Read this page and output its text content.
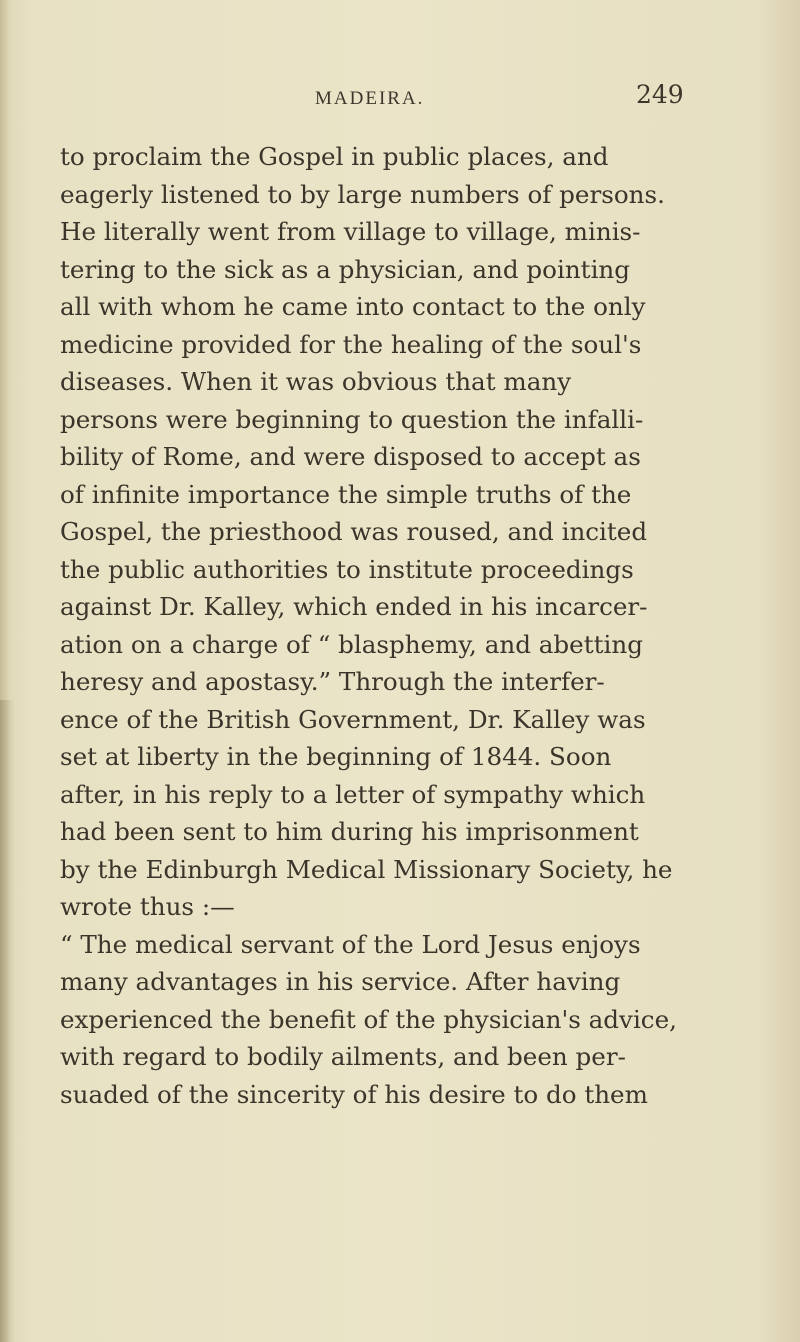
MADEIRA.	249
to proclaim the Gospel in public places, and
eagerly listened to by large numbers of persons.
He literally went from village to village, minis-
tering to the sick as a physician, and pointing
all with whom he came into contact to the only
medicine provided for the healing of the soul's
diseases. When it was obvious that many
persons were beginning to question the infalli-
bility of Rome, and were disposed to accept as
of infinite importance the simple truths of the
Gospel, the priesthood was roused, and incited
the public authorities to institute proceedings
against Dr. Kalley, which ended in his incarcer-
ation on a charge of “ blasphemy, and abetting
heresy and apostasy.” Through the interfer-
ence of the British Government, Dr. Kalley was
set at liberty in the beginning of 1844. Soon
after, in his reply to a letter of sympathy which
had been sent to him during his imprisonment
by the Edinburgh Medical Missionary Society, he
wrote thus :—
“ The medical servant of the Lord Jesus enjoys
many advantages in his service. After having
experienced the benefit of the physician's advice,
with regard to bodily ailments, and been per-
suaded of the sincerity of his desire to do them
